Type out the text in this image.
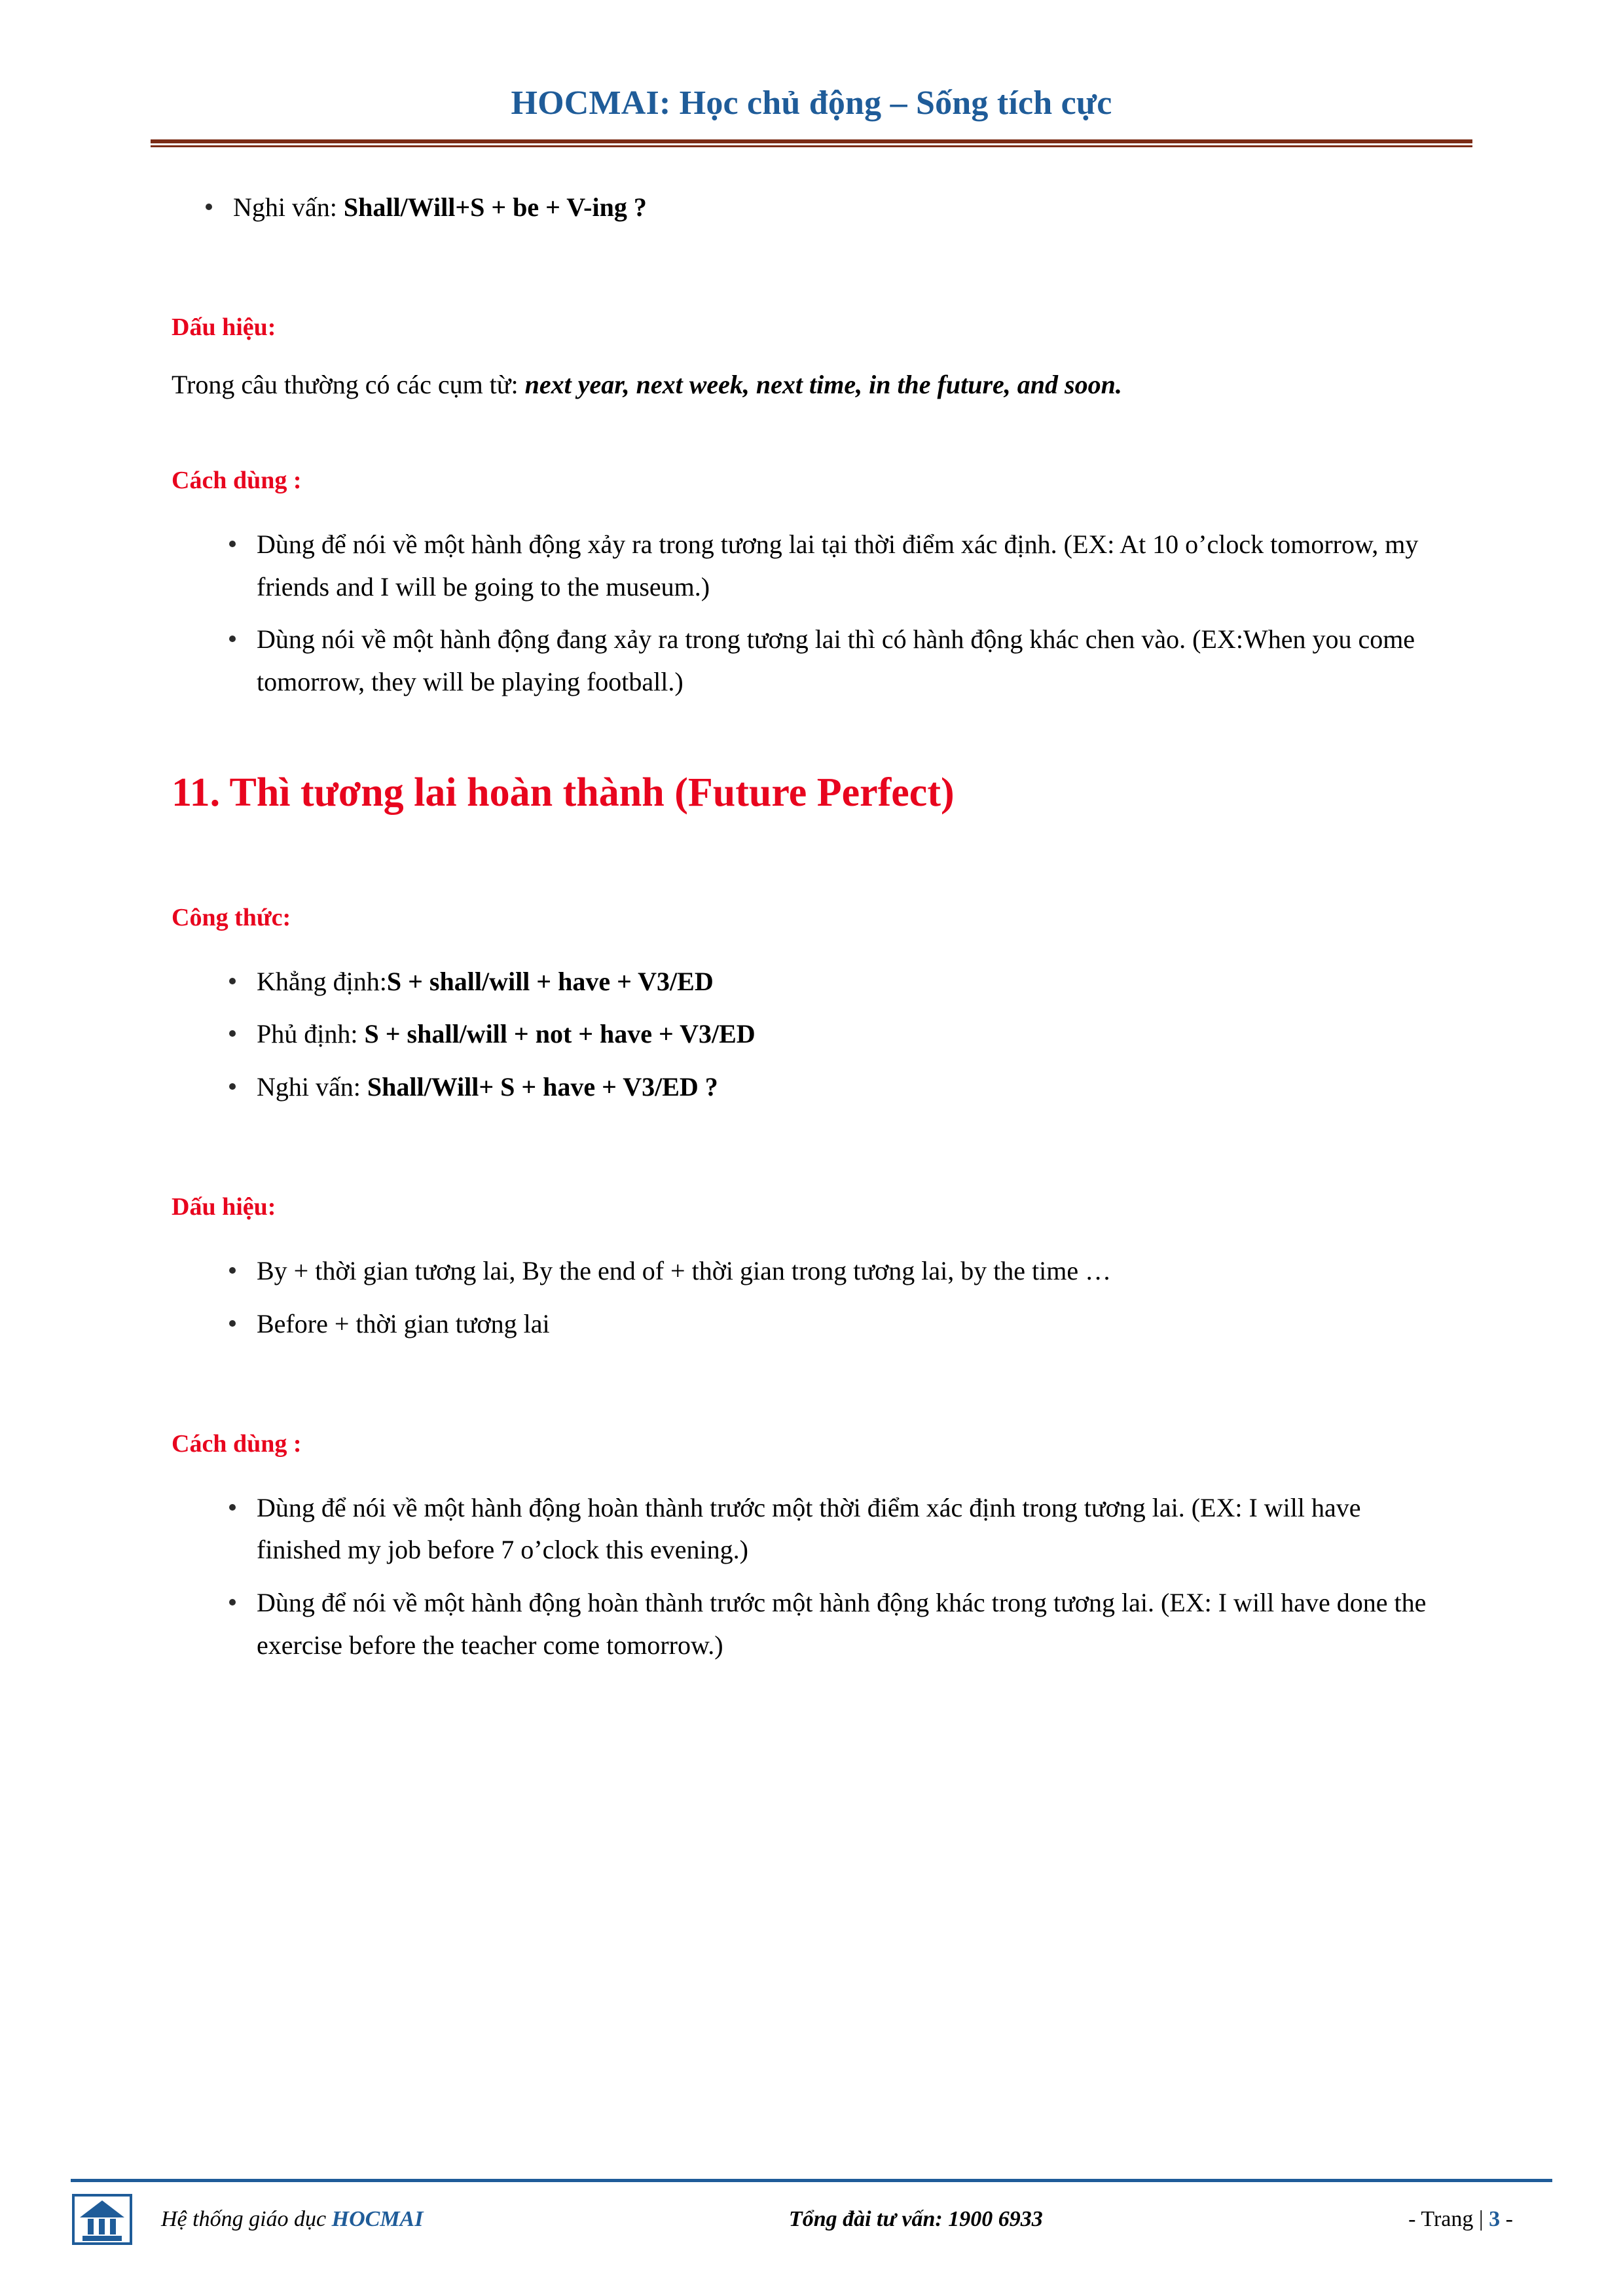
HOCMAI: Học chủ động – Sống tích cực
Nghi vấn: Shall/Will+S + be + V-ing ?
Dấu hiệu:

Trong câu thường có các cụm từ: next year, next week, next time, in the future, and soon.

Cách dùng :
Dùng để nói về một hành động xảy ra trong tương lai tại thời điểm xác định. (EX: At 10 o’clock tomorrow, my friends and I will be going to the museum.)
Dùng nói về một hành động đang xảy ra trong tương lai thì có hành động khác chen vào. (EX:When you come tomorrow, they will be playing football.)
11. Thì tương lai hoàn thành (Future Perfect)
Công thức:
Khẳng định:S + shall/will + have + V3/ED
Phủ định: S + shall/will + not + have + V3/ED
Nghi vấn: Shall/Will+ S + have + V3/ED ?
Dấu hiệu:
By + thời gian tương lai, By the end of + thời gian trong tương lai, by the time …
Before + thời gian tương lai
Cách dùng :
Dùng để nói về một hành động hoàn thành trước một thời điểm xác định trong tương lai. (EX: I will have finished my job before 7 o’clock this evening.)
Dùng để nói về một hành động hoàn thành trước một hành động khác trong tương lai. (EX: I will have done the exercise before the teacher come tomorrow.)
Hệ thống giáo dục HOCMAI	Tổng đài tư vấn: 1900 6933	- Trang | 3 -
